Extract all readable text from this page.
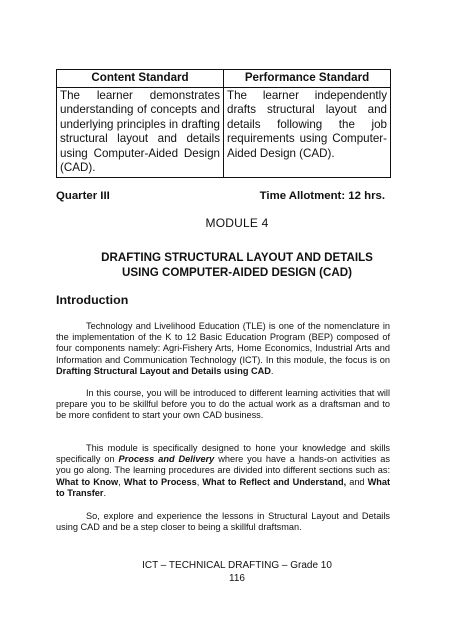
Content Standard	Performance Standard
The learner demonstrates understanding of concepts and underlying principles in drafting structural layout and details using Computer-Aided Design (CAD).	The learner independently drafts structural layout and details following the job requirements using Computer-Aided Design (CAD).
Quarter III	Time Allotment: 12 hrs.
MODULE 4
DRAFTING STRUCTURAL LAYOUT AND DETAILS
USING COMPUTER-AIDED DESIGN (CAD)
Introduction

Technology and Livelihood Education (TLE) is one of the nomenclature in the implementation of the K to 12 Basic Education Program (BEP) composed of four components namely: Agri-Fishery Arts, Home Economics, Industrial Arts and Information and Communication Technology (ICT). In this module, the focus is on Drafting Structural Layout and Details using CAD.

In this course, you will be introduced to different learning activities that will prepare you to be skillful before you to do the actual work as a draftsman and to be more confident to start your own CAD business.

This module is specifically designed to hone your knowledge and skills specifically on Process and Delivery where you have a hands-on activities as you go along. The learning procedures are divided into different sections such as: What to Know, What to Process, What to Reflect and Understand, and What to Transfer.

So, explore and experience the lessons in Structural Layout and Details using CAD and be a step closer to being a skillful draftsman.

ICT – TECHNICAL DRAFTING – Grade 10
116
